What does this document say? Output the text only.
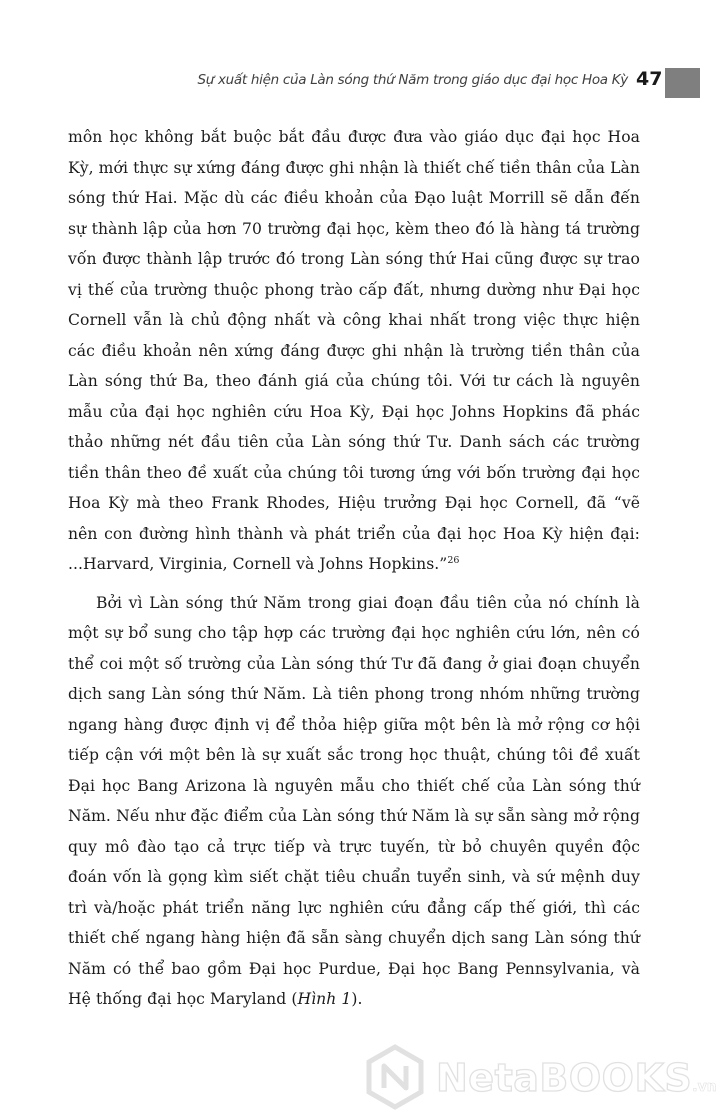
Sự xuất hiện của Làn sóng thứ Năm trong giáo dục đại học Hoa Kỳ 47

môn học không bắt buộc bắt đầu được đưa vào giáo dục đại học Hoa Kỳ, mới thực sự xứng đáng được ghi nhận là thiết chế tiền thân của Làn sóng thứ Hai. Mặc dù các điều khoản của Đạo luật Morrill sẽ dẫn đến sự thành lập của hơn 70 trường đại học, kèm theo đó là hàng tá trường vốn được thành lập trước đó trong Làn sóng thứ Hai cũng được sự trao vị thế của trường thuộc phong trào cấp đất, nhưng dường như Đại học Cornell vẫn là chủ động nhất và công khai nhất trong việc thực hiện các điều khoản nên xứng đáng được ghi nhận là trường tiền thân của Làn sóng thứ Ba, theo đánh giá của chúng tôi. Với tư cách là nguyên mẫu của đại học nghiên cứu Hoa Kỳ, Đại học Johns Hopkins đã phác thảo những nét đầu tiên của Làn sóng thứ Tư. Danh sách các trường tiền thân theo đề xuất của chúng tôi tương ứng với bốn trường đại học Hoa Kỳ mà theo Frank Rhodes, Hiệu trưởng Đại học Cornell, đã “vẽ nên con đường hình thành và phát triển của đại học Hoa Kỳ hiện đại: ...Harvard, Virginia, Cornell và Johns Hopkins.”$^{26}$

Bởi vì Làn sóng thứ Năm trong giai đoạn đầu tiên của nó chính là một sự bổ sung cho tập hợp các trường đại học nghiên cứu lớn, nên có thể coi một số trường của Làn sóng thứ Tư đã đang ở giai đoạn chuyển dịch sang Làn sóng thứ Năm. Là tiên phong trong nhóm những trường ngang hàng được định vị để thỏa hiệp giữa một bên là mở rộng cơ hội tiếp cận với một bên là sự xuất sắc trong học thuật, chúng tôi đề xuất Đại học Bang Arizona là nguyên mẫu cho thiết chế của Làn sóng thứ Năm. Nếu như đặc điểm của Làn sóng thứ Năm là sự sẵn sàng mở rộng quy mô đào tạo cả trực tiếp và trực tuyến, từ bỏ chuyên quyền độc đoán vốn là gọng kìm siết chặt tiêu chuẩn tuyển sinh, và sứ mệnh duy trì và/hoặc phát triển năng lực nghiên cứu đẳng cấp thế giới, thì các thiết chế ngang hàng hiện đã sẵn sàng chuyển dịch sang Làn sóng thứ Năm có thể bao gồm Đại học Purdue, Đại học Bang Pennsylvania, và Hệ thống đại học Maryland (Hình 1).

NetaBOOKS.vn
